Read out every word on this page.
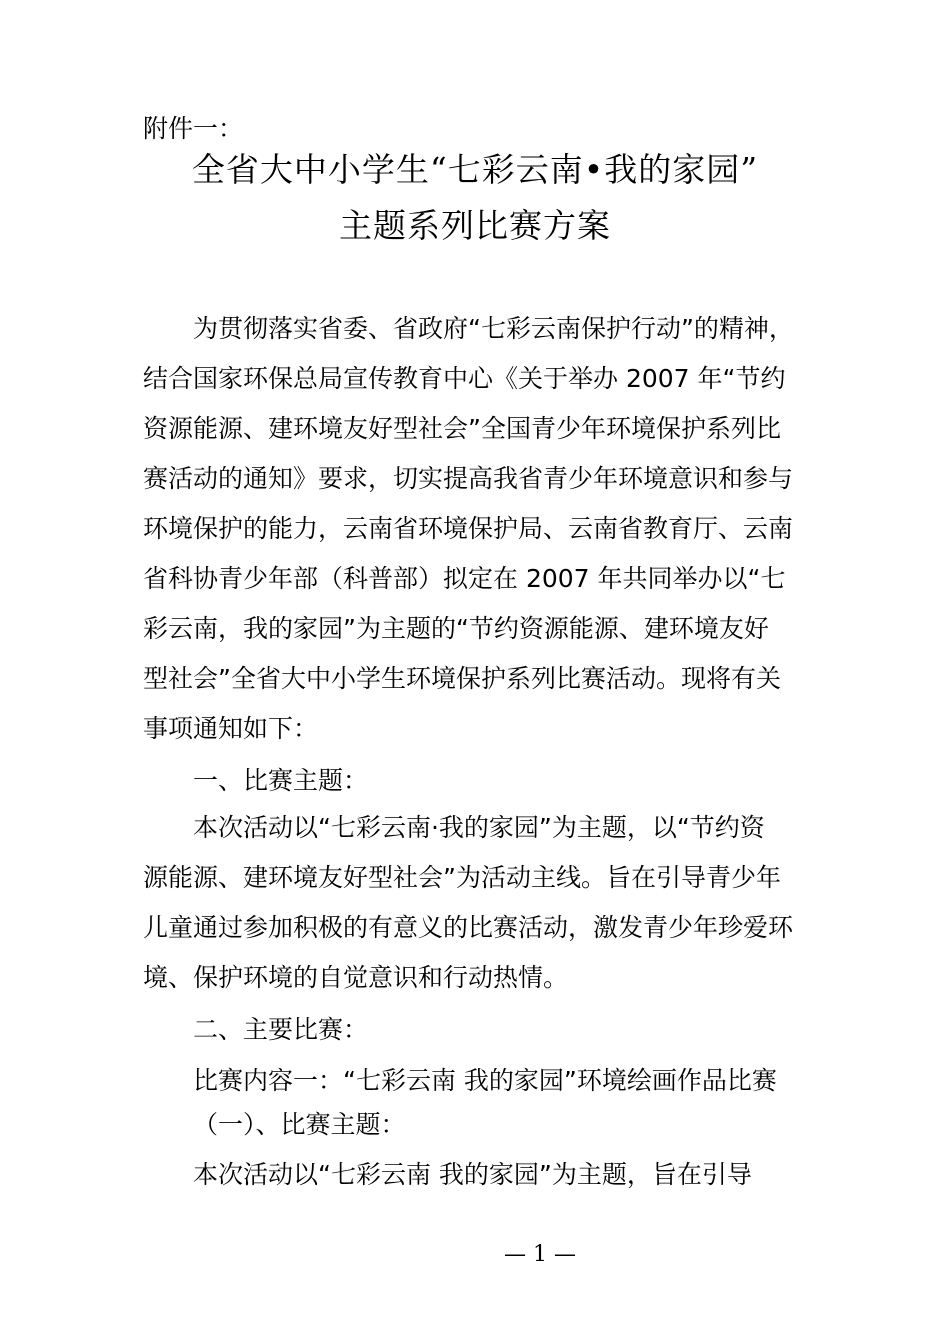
附件一：
全省大中小学生“七彩云南•我的家园”
主题系列比赛方案
为贯彻落实省委、省政府“七彩云南保护行动”的精神，
结合国家环保总局宣传教育中心《关于举办 2007 年“节约
资源能源、建环境友好型社会”全国青少年环境保护系列比
赛活动的通知》要求，切实提高我省青少年环境意识和参与
环境保护的能力，云南省环境保护局、云南省教育厅、云南
省科协青少年部（科普部）拟定在 2007 年共同举办以“七
彩云南，我的家园”为主题的“节约资源能源、建环境友好
型社会”全省大中小学生环境保护系列比赛活动。现将有关
事项通知如下：
一、比赛主题：
本次活动以“七彩云南·我的家园”为主题，以“节约资
源能源、建环境友好型社会”为活动主线。旨在引导青少年
儿童通过参加积极的有意义的比赛活动，激发青少年珍爱环
境、保护环境的自觉意识和行动热情。
二、主要比赛：
比赛内容一：“七彩云南 我的家园”环境绘画作品比赛
（一）、比赛主题：
本次活动以“七彩云南 我的家园”为主题，旨在引导
— 1 —
